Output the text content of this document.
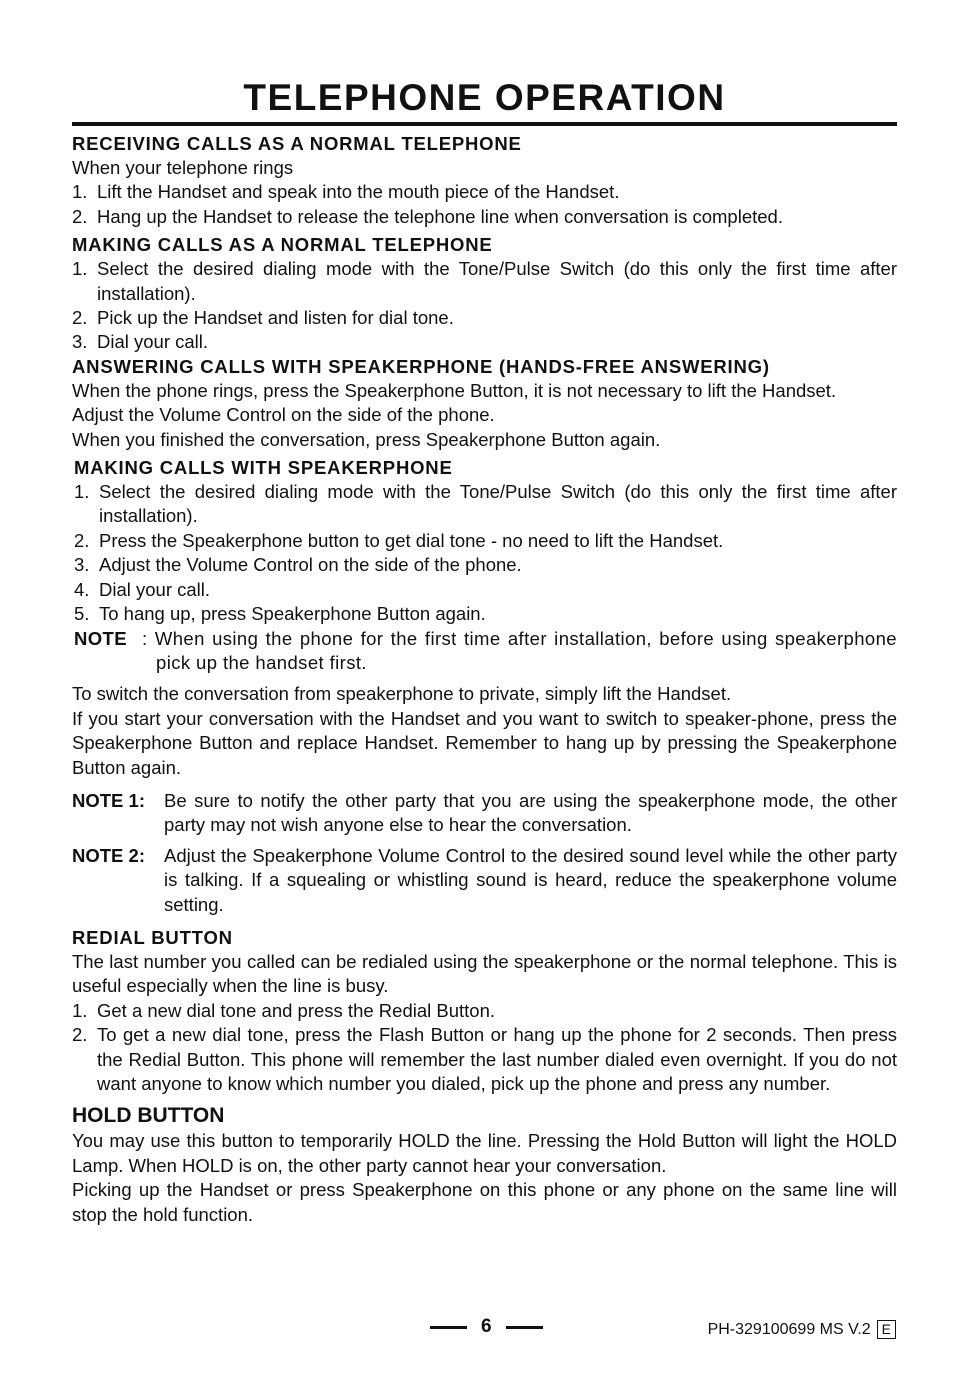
TELEPHONE OPERATION
RECEIVING CALLS AS A NORMAL TELEPHONE

When your telephone rings

1. Lift the Handset and speak into the mouth piece of the Handset.
2. Hang up the Handset to release the telephone line when conversation is completed.
MAKING CALLS AS A NORMAL TELEPHONE
1. Select the desired dialing mode with the Tone/Pulse Switch (do this only the first time after installation).
2. Pick up the Handset and listen for dial tone.
3. Dial your call.
ANSWERING CALLS WITH SPEAKERPHONE (HANDS-FREE ANSWERING)

When the phone rings, press the Speakerphone Button, it is not necessary to lift the Handset.

Adjust the Volume Control on the side of the phone.

When you finished the conversation, press Speakerphone Button again.

MAKING CALLS WITH SPEAKERPHONE
1. Select the desired dialing mode with the Tone/Pulse Switch (do this only the first time after installation).
2. Press the Speakerphone button to get dial tone - no need to lift the Handset.
3. Adjust the Volume Control on the side of the phone.
4. Dial your call.
5. To hang up, press Speakerphone Button again.
NOTE : When using the phone for the first time after installation, before using speakerphone pick up the handset first.

To switch the conversation from speakerphone to private, simply lift the Handset.

If you start your conversation with the Handset and you want to switch to speaker-phone, press the Speakerphone Button and replace Handset. Remember to hang up by pressing the Speakerphone Button again.

NOTE 1:	Be sure to notify the other party that you are using the speakerphone mode, the other party may not wish anyone else to hear the conversation.
NOTE 2:	Adjust the Speakerphone Volume Control to the desired sound level while the other party is talking. If a squealing or whistling sound is heard, reduce the speakerphone volume setting.
REDIAL BUTTON

The last number you called can be redialed using the speakerphone or the normal telephone. This is useful especially when the line is busy.

1. Get a new dial tone and press the Redial Button.
2. To get a new dial tone, press the Flash Button or hang up the phone for 2 seconds. Then press the Redial Button. This phone will remember the last number dialed even overnight. If you do not want anyone to know which number you dialed, pick up the phone and press any number.
HOLD BUTTON

You may use this button to temporarily HOLD the line. Pressing the Hold Button will light the HOLD Lamp. When HOLD is on, the other party cannot hear your conversation.

Picking up the Handset or press Speakerphone on this phone or any phone on the same line will stop the hold function.

6	PH-329100699 MS V.2 E
